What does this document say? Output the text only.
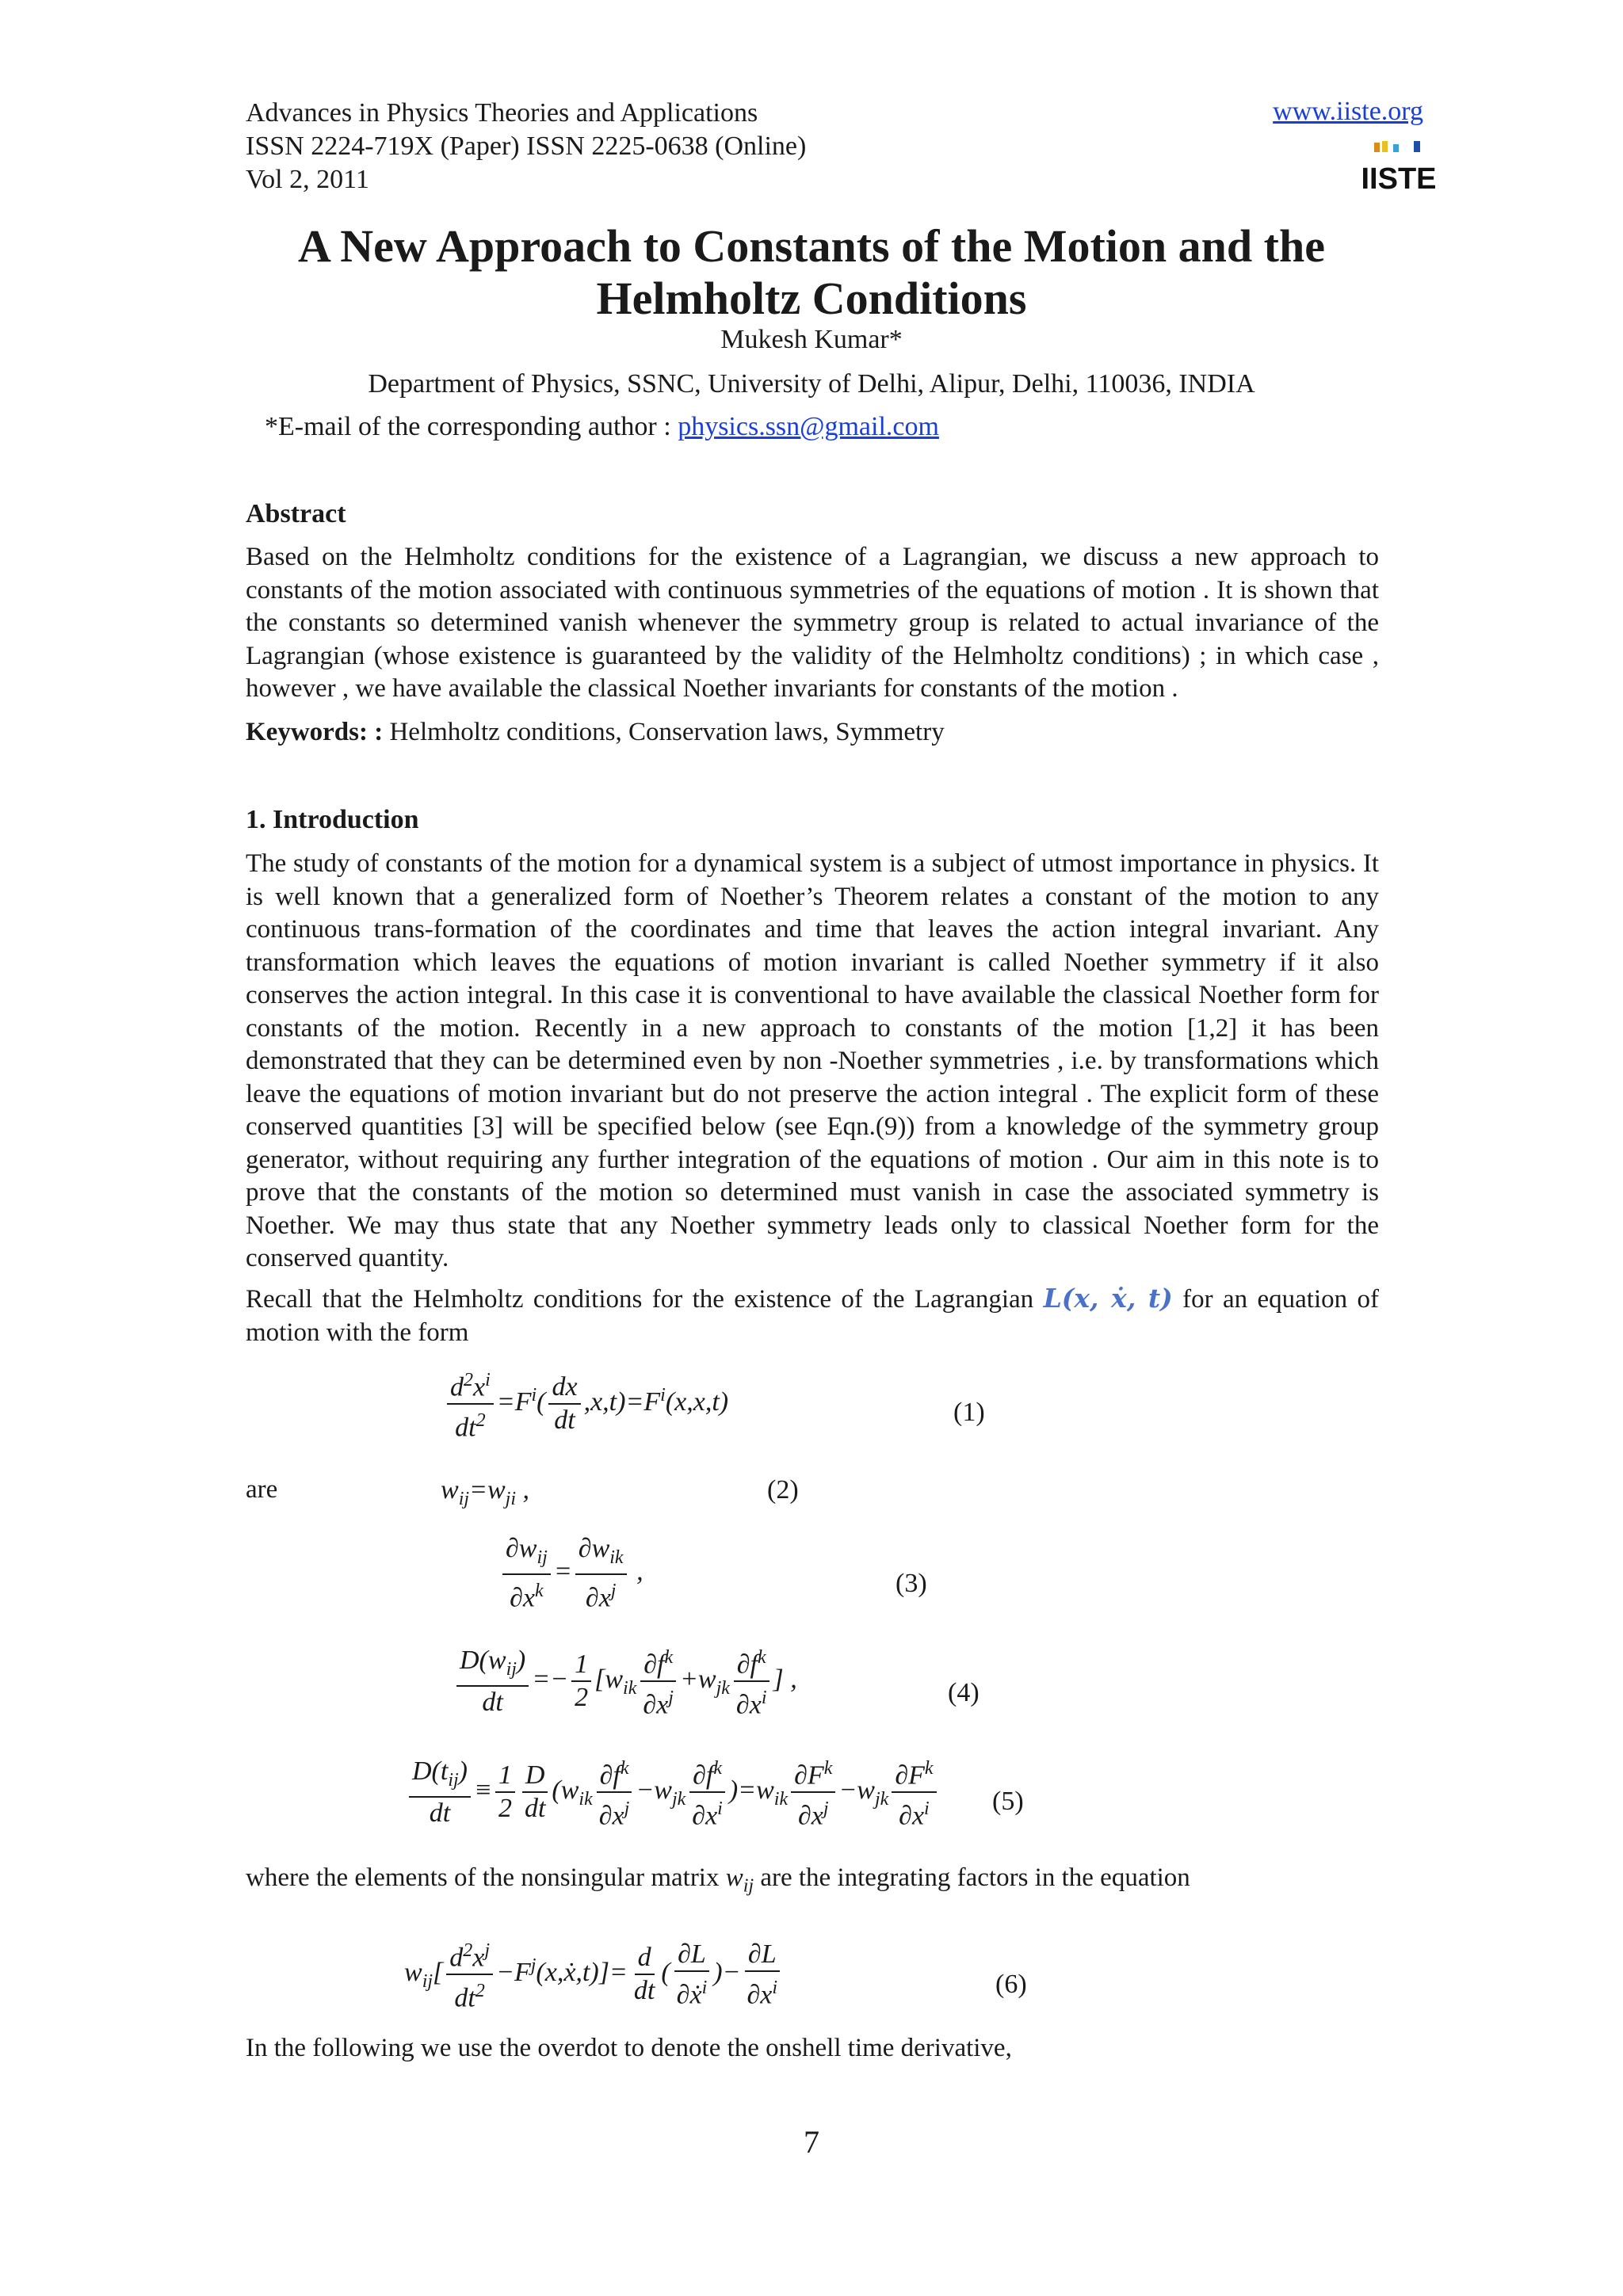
Advances in Physics Theories and Applications
ISSN 2224-719X (Paper) ISSN 2225-0638 (Online)
Vol 2, 2011
www.iiste.org
IISTE
A New Approach to Constants of the Motion and the
Helmholtz Conditions
Mukesh Kumar*
Department of Physics, SSNC, University of Delhi, Alipur, Delhi, 110036, INDIA
*E-mail of the corresponding author : physics.ssn@gmail.com
Abstract
Based on the Helmholtz conditions for the existence of a Lagrangian, we discuss a new approach to constants of the motion associated with continuous symmetries of the equations of motion . It is shown that the constants so determined vanish whenever the symmetry group is related to actual invariance of the Lagrangian (whose existence is guaranteed by the validity of the Helmholtz conditions) ; in which case , however , we have available the classical Noether invariants for constants of the motion .
Keywords: : Helmholtz conditions, Conservation laws, Symmetry
1. Introduction
The study of constants of the motion for a dynamical system is a subject of utmost importance in physics. It is well known that a generalized form of Noether’s Theorem relates a constant of the motion to any continuous trans-formation of the coordinates and time that leaves the action integral invariant. Any transformation which leaves the equations of motion invariant is called Noether symmetry if it also conserves the action integral. In this case it is conventional to have available the classical Noether form for constants of the motion. Recently in a new approach to constants of the motion [1,2] it has been demonstrated that they can be determined even by non -Noether symmetries , i.e. by transformations which leave the equations of motion invariant but do not preserve the action integral . The explicit form of these conserved quantities [3] will be specified below (see Eqn.(9)) from a knowledge of the symmetry group generator, without requiring any further integration of the equations of motion . Our aim in this note is to prove that the constants of the motion so determined must vanish in case the associated symmetry is Noether. We may thus state that any Noether symmetry leads only to classical Noether form for the conserved quantity.
Recall that the Helmholtz conditions for the existence of the Lagrangian L(x, ẋ, t) for an equation of motion with the form
$\frac{d^2x^i}{dt^2} =F^i( \frac{dx}{dt} ,x,t)=F^i(x,x,t)$	(1)
are	$w_{ij}=w_{ji}$ ,	(2)
$\frac{\partial w_{ij}}{\partial x^k} = \frac{\partial w_{ik}}{\partial x^j}$ ,	(3)
$\frac{D(w_{ij})}{dt} =- \frac{1}{2} [w_{ik} \frac{\partial f^k}{\partial x^j} +w_{jk} \frac{\partial f^k}{\partial x^i}$ ] ,	(4)
$\frac{D(t_{ij})}{dt} \equiv \frac{1}{2} \frac{D}{dt} (w_{ik} \frac{\partial f^k}{\partial x^j} -w_{jk} \frac{\partial f^k}{\partial x^i} )=w_{ik} \frac{\partial F^k}{\partial x^j} -w_{jk} \frac{\partial F^k}{\partial x^i} (5)$
where the elements of the nonsingular matrix $w_{ij}$ are the integrating factors in the equation
$w_{ij}[ \frac{d^2x^j}{dt^2}$ $-F^j(x,ẋ,t)]= \frac{d}{dt}$ ( $\frac{\partial L}{\partial ẋ^i}$ )− $\frac{\partial L}{\partial x^i}$	(6)
In the following we use the overdot to denote the onshell time derivative,
7
